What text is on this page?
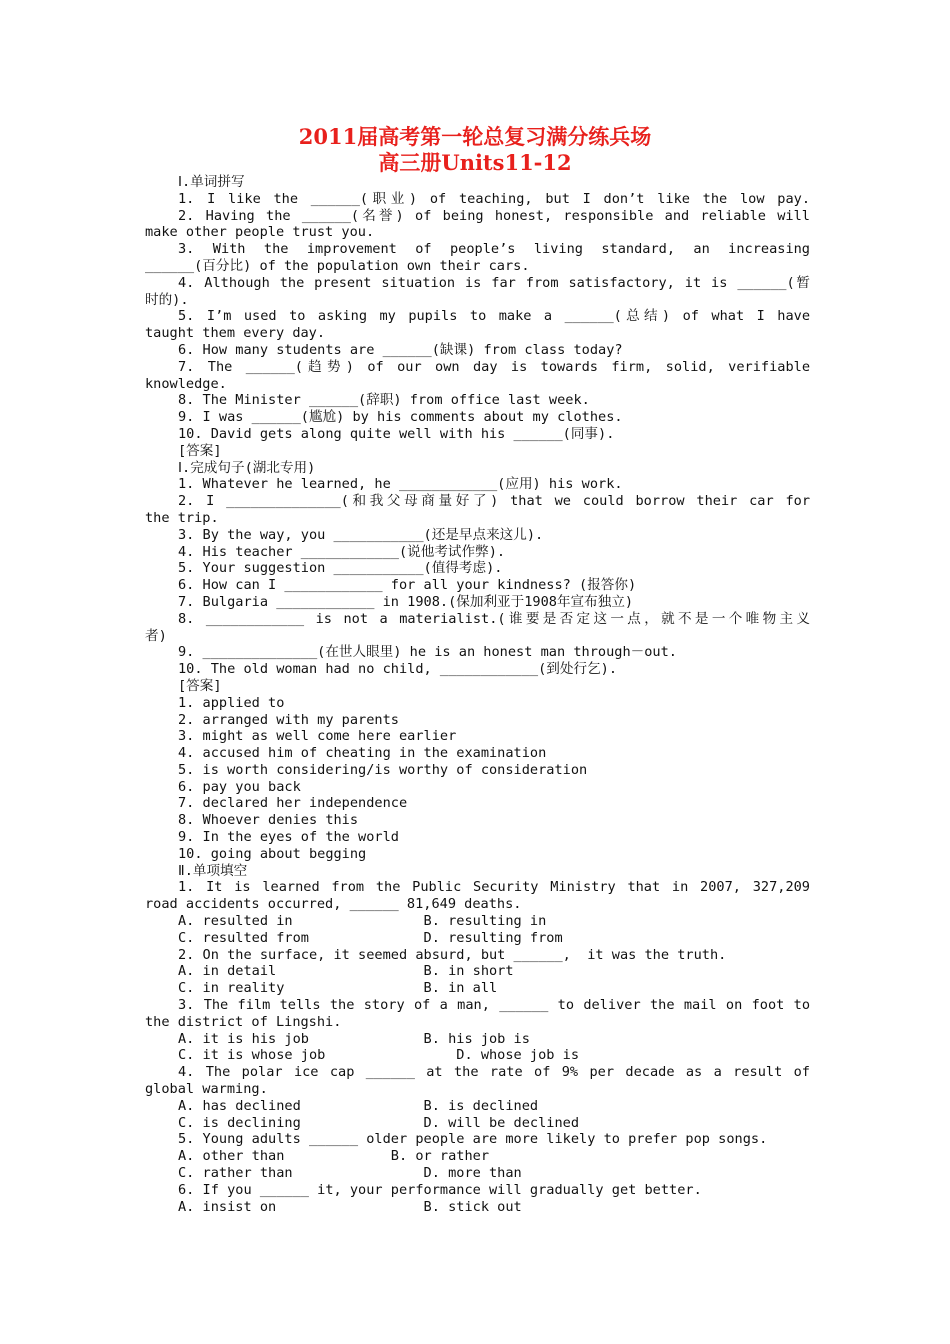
2011届高考第一轮总复习满分练兵场
高三册Units11-12
Ⅰ.单词拼写
1. I like the ______(职业) of teaching, but I don’t like the low pay.
2. Having the ______(名誉) of being honest, responsible and reliable will
make other people trust you.
3. With the improvement of people’s living standard, an increasing
______(百分比) of the population own their cars.
4. Although the present situation is far from satisfactory, it is ______(暂
时的).
5. I’m used to asking my pupils to make a ______(总结) of what I have
taught them every day.
6. How many students are ______(缺课) from class today?
7. The ______(趋势) of our own day is towards firm, solid, verifiable
knowledge.
8. The Minister ______(辞职) from office last week.
9. I was ______(尴尬) by his comments about my clothes.
10. David gets along quite well with his ______(同事).
[答案]
Ⅰ.完成句子(湖北专用)
1. Whatever he learned, he ____________(应用) his work.
2. I ______________(和我父母商量好了) that we could borrow their car for
the trip.
3. By the way, you ___________(还是早点来这儿).
4. His teacher ____________(说他考试作弊).
5. Your suggestion ___________(值得考虑).
6. How can I ____________ for all your kindness? (报答你)
7. Bulgaria ____________ in 1908.(保加利亚于1908年宣布独立)
8. ____________ is not a materialist.(谁要是否定这一点，就不是一个唯物主义
者)
9. ______________(在世人眼里) he is an honest man through－out.
10. The old woman had no child, ____________(到处行乞).
[答案]
1. applied to
2. arranged with my parents
3. might as well come here earlier
4. accused him of cheating in the examination
5. is worth considering/is worthy of consideration
6. pay you back
7. declared her independence
8. Whoever denies this
9. In the eyes of the world
10. going about begging
Ⅱ.单项填空
1. It is learned from the Public Security Ministry that in 2007, 327,209
road accidents occurred, ______ 81,649 deaths.
A. resulted in                B. resulting in
C. resulted from              D. resulting from
2. On the surface, it seemed absurd, but ______,  it was the truth.
A. in detail                  B. in short
C. in reality                 B. in all
3. The film tells the story of a man, ______ to deliver the mail on foot to
the district of Lingshi.
A. it is his job              B. his job is
C. it is whose job                D. whose job is
4. The polar ice cap ______ at the rate of 9% per decade as a result of
global warming.
A. has declined               B. is declined
C. is declining               D. will be declined
5. Young adults ______ older people are more likely to prefer pop songs.
A. other than             B. or rather
C. rather than                D. more than
6. If you ______ it, your performance will gradually get better.
A. insist on                  B. stick out
